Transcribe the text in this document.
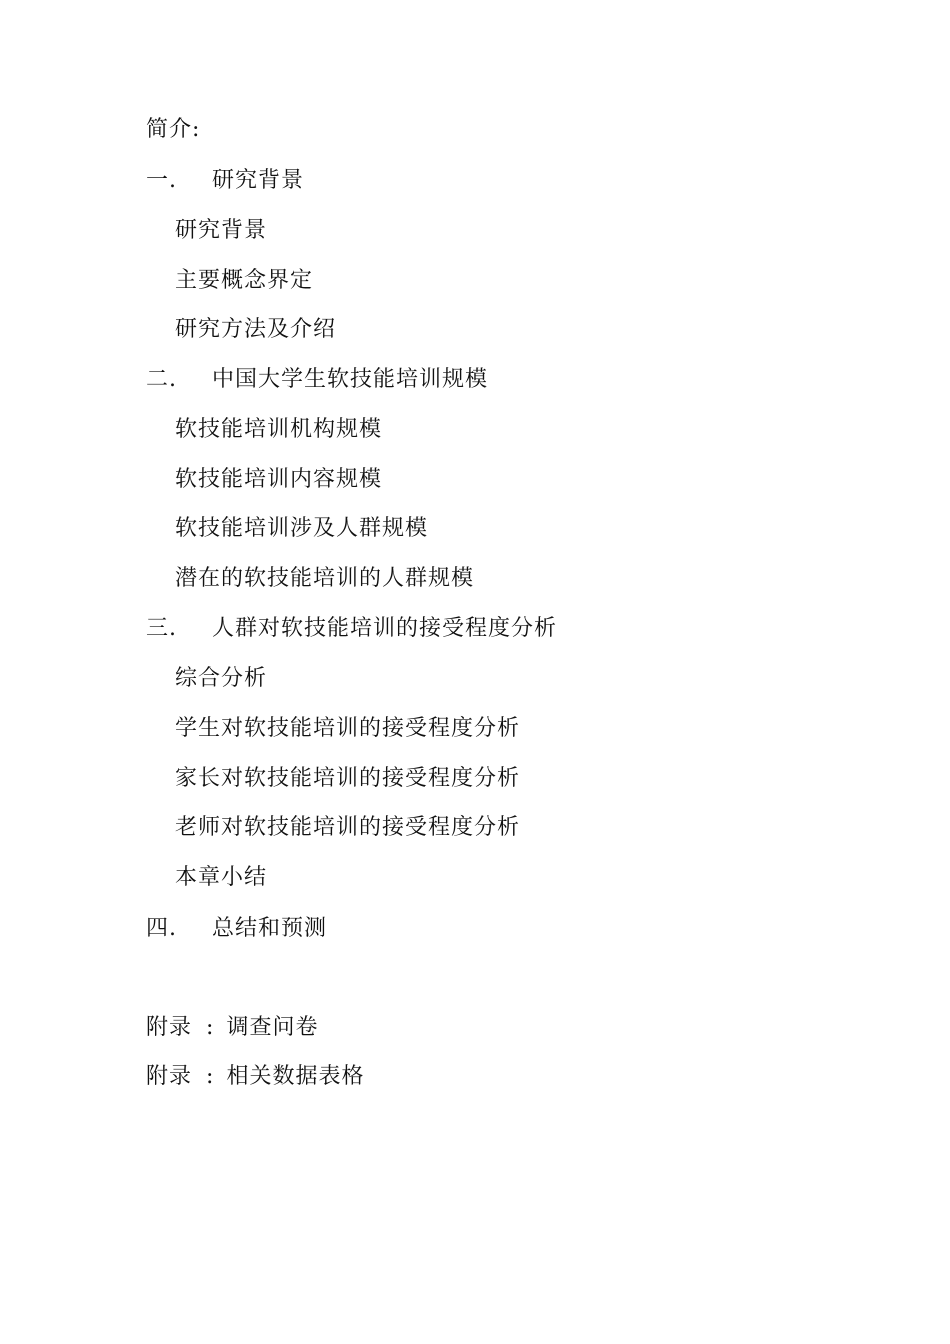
简介:
一. 研究背景
研究背景
主要概念界定
研究方法及介绍
二. 中国大学生软技能培训规模
软技能培训机构规模
软技能培训内容规模
软技能培训涉及人群规模
潜在的软技能培训的人群规模
三. 人群对软技能培训的接受程度分析
综合分析
学生对软技能培训的接受程度分析
家长对软技能培训的接受程度分析
老师对软技能培训的接受程度分析
本章小结
四. 总结和预测
附录 : 调查问卷
附录 : 相关数据表格
